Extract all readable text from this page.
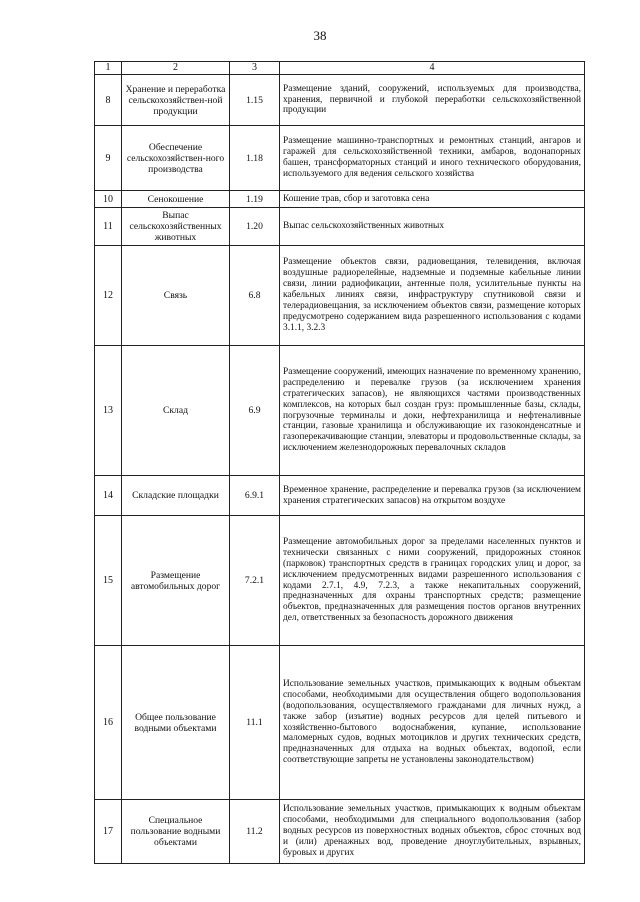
38
1	2	3	4
8	Хранение и переработка сельскохозяйствен-ной продукции	1.15	Размещение зданий, сооружений, используемых для производства, хранения, первичной и глубокой переработки сельскохозяйственной продукции
9	Обеспечение сельскохозяйствен-ного производства	1.18	Размещение машинно-транспортных и ремонтных станций, ангаров и гаражей для сельскохозяйственной техники, амбаров, водонапорных башен, трансформаторных станций и иного технического оборудования, используемого для ведения сельского хозяйства
10	Сенокошение	1.19	Кошение трав, сбор и заготовка сена
11	Выпас сельскохозяйственных животных	1.20	Выпас сельскохозяйственных животных
12	Связь	6.8	Размещение объектов связи, радиовещания, телевидения, включая воздушные радиорелейные, надземные и подземные кабельные линии связи, линии радиофикации, антенные поля, усилительные пункты на кабельных линиях связи, инфраструктуру спутниковой связи и телерадиовещания, за исключением объектов связи, размещение которых предусмотрено содержанием вида разрешенного использования с кодами 3.1.1, 3.2.3
13	Склад	6.9	Размещение сооружений, имеющих назначение по временному хранению, распределению и перевалке грузов (за исключением хранения стратегических запасов), не являющихся частями производственных комплексов, на которых был создан груз: промышленные базы, склады, погрузочные терминалы и доки, нефтехранилища и нефтеналивные станции, газовые хранилища и обслуживающие их газоконденсатные и газоперекачивающие станции, элеваторы и продовольственные склады, за исключением железнодорожных перевалочных складов
14	Складские площадки	6.9.1	Временное хранение, распределение и перевалка грузов (за исключением хранения стратегических запасов) на открытом воздухе
15	Размещение автомобильных дорог	7.2.1	Размещение автомобильных дорог за пределами населенных пунктов и технически связанных с ними сооружений, придорожных стоянок (парковок) транспортных средств в границах городских улиц и дорог, за исключением предусмотренных видами разрешенного использования с кодами 2.7.1, 4.9, 7.2.3, а также некапитальных сооружений, предназначенных для охраны транспортных средств; размещение объектов, предназначенных для размещения постов органов внутренних дел, ответственных за безопасность дорожного движения
16	Общее пользование водными объектами	11.1	Использование земельных участков, примыкающих к водным объектам способами, необходимыми для осуществления общего водопользования (водопользования, осуществляемого гражданами для личных нужд, а также забор (изъятие) водных ресурсов для целей питьевого и хозяйственно-бытового водоснабжения, купание, использование маломерных судов, водных мотоциклов и других технических средств, предназначенных для отдыха на водных объектах, водопой, если соответствующие запреты не установлены законодательством)
17	Специальное пользование водными объектами	11.2	Использование земельных участков, примыкающих к водным объектам способами, необходимыми для специального водопользования (забор водных ресурсов из поверхностных водных объектов, сброс сточных вод и (или) дренажных вод, проведение дноуглубительных, взрывных, буровых и других
